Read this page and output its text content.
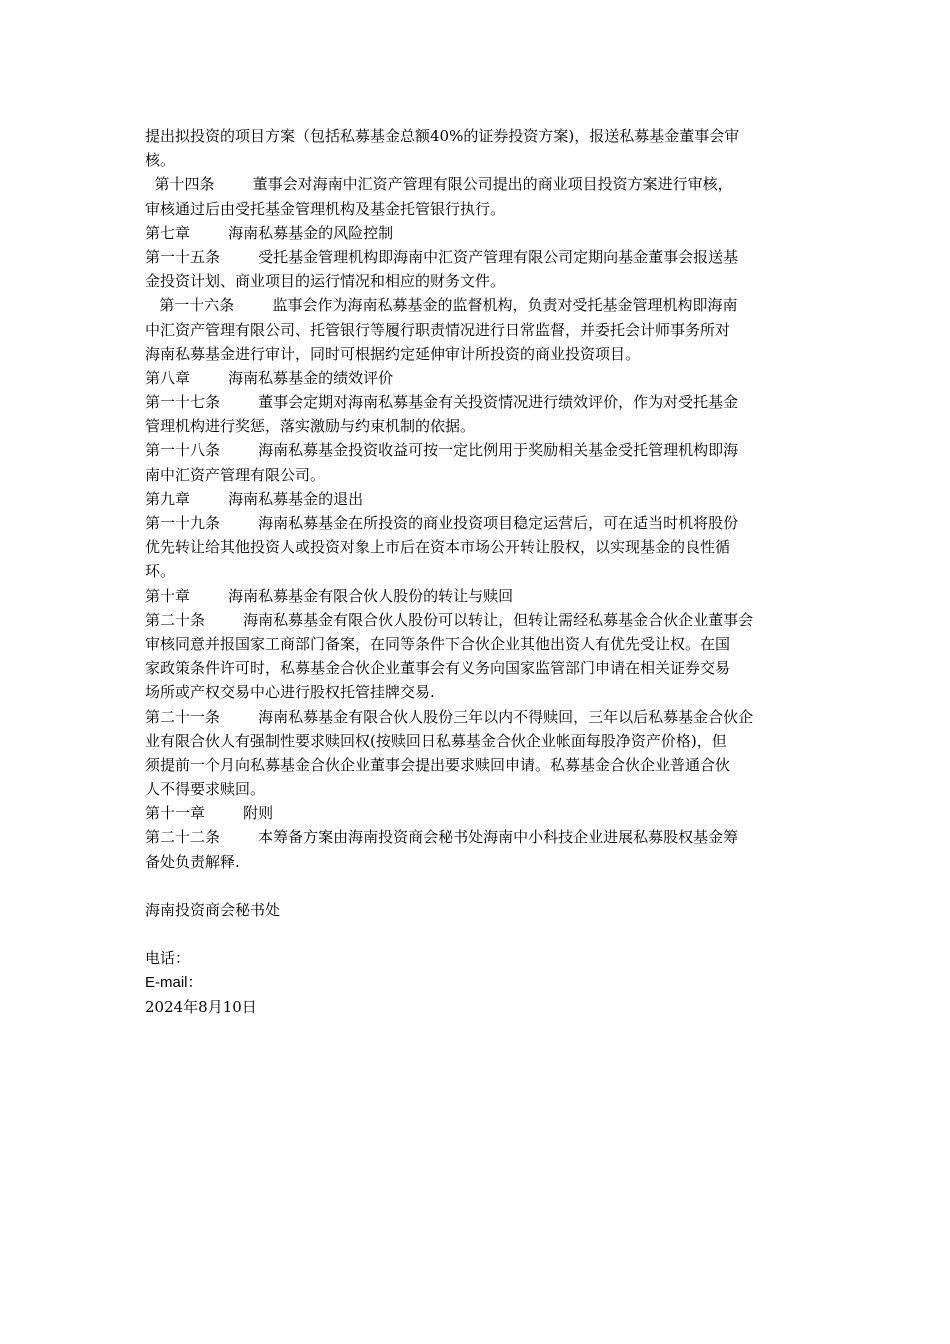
提出拟投资的项目方案（包括私募基金总额40%的证券投资方案)，报送私募基金董事会审
核。
第十四条        董事会对海南中汇资产管理有限公司提出的商业项目投资方案进行审核，
审核通过后由受托基金管理机构及基金托管银行执行。
第七章        海南私募基金的风险控制
第一十五条        受托基金管理机构即海南中汇资产管理有限公司定期向基金董事会报送基
金投资计划、商业项目的运行情况和相应的财务文件。
第一十六条        监事会作为海南私募基金的监督机构，负责对受托基金管理机构即海南
中汇资产管理有限公司、托管银行等履行职责情况进行日常监督，并委托会计师事务所对
海南私募基金进行审计，同时可根据约定延伸审计所投资的商业投资项目。
第八章        海南私募基金的绩效评价
第一十七条        董事会定期对海南私募基金有关投资情况进行绩效评价，作为对受托基金
管理机构进行奖惩，落实激励与约束机制的依据。
第一十八条        海南私募基金投资收益可按一定比例用于奖励相关基金受托管理机构即海
南中汇资产管理有限公司。
第九章        海南私募基金的退出
第一十九条        海南私募基金在所投资的商业投资项目稳定运营后，可在适当时机将股份
优先转让给其他投资人或投资对象上市后在资本市场公开转让股权，以实现基金的良性循
环。
第十章        海南私募基金有限合伙人股份的转让与赎回
第二十条        海南私募基金有限合伙人股份可以转让，但转让需经私募基金合伙企业董事会
审核同意并报国家工商部门备案，在同等条件下合伙企业其他出资人有优先受让权。在国
家政策条件许可时，私募基金合伙企业董事会有义务向国家监管部门申请在相关证券交易
场所或产权交易中心进行股权托管挂牌交易.
第二十一条        海南私募基金有限合伙人股份三年以内不得赎回，三年以后私募基金合伙企
业有限合伙人有强制性要求赎回权(按赎回日私募基金合伙企业帐面每股净资产价格)，但
须提前一个月向私募基金合伙企业董事会提出要求赎回申请。私募基金合伙企业普通合伙
人不得要求赎回。
第十一章        附则
第二十二条        本筹备方案由海南投资商会秘书处海南中小科技企业进展私募股权基金筹
备处负责解释.
海南投资商会秘书处
电话：
E-mail：
2024年8月10日
